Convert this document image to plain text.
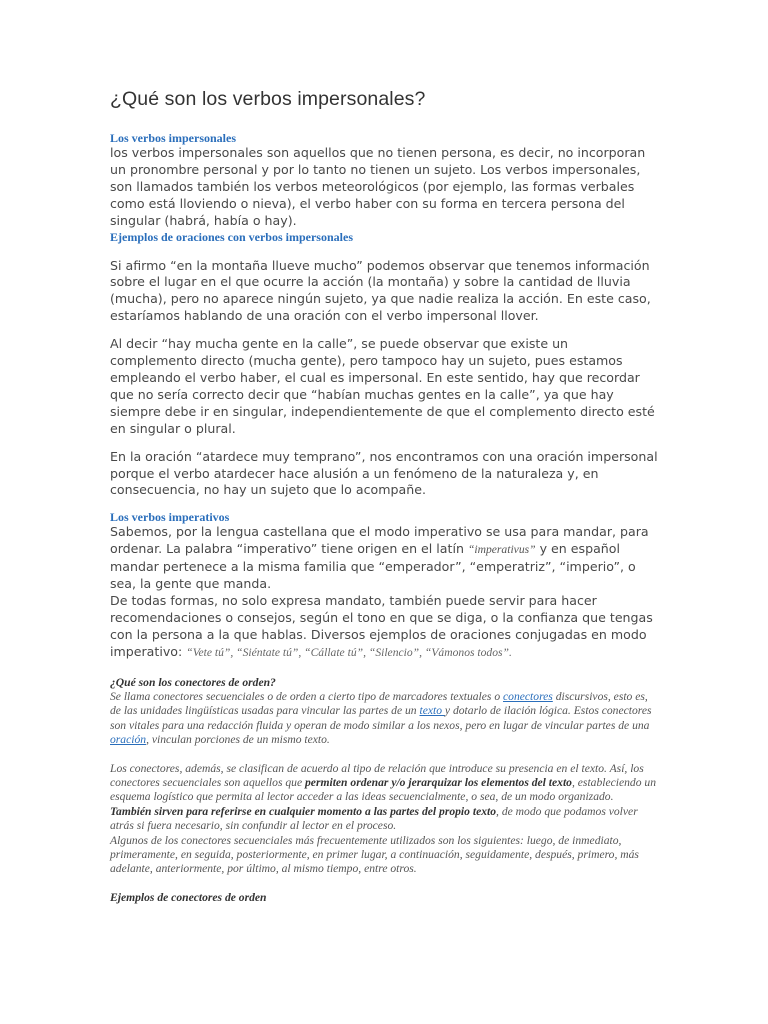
¿Qué son los verbos impersonales?

Los verbos impersonales

los verbos impersonales son aquellos que no tienen persona, es decir, no incorporan un pronombre personal y por lo tanto no tienen un sujeto. Los verbos impersonales, son llamados también los verbos meteorológicos (por ejemplo, las formas verbales como está lloviendo o nieva), el verbo haber con su forma en tercera persona del singular (habrá, había o hay).

Ejemplos de oraciones con verbos impersonales

Si afirmo “en la montaña llueve mucho” podemos observar que tenemos información sobre el lugar en el que ocurre la acción (la montaña) y sobre la cantidad de lluvia (mucha), pero no aparece ningún sujeto, ya que nadie realiza la acción. En este caso, estaríamos hablando de una oración con el verbo impersonal llover.

Al decir “hay mucha gente en la calle”, se puede observar que existe un complemento directo (mucha gente), pero tampoco hay un sujeto, pues estamos empleando el verbo haber, el cual es impersonal. En este sentido, hay que recordar que no sería correcto decir que “habían muchas gentes en la calle”, ya que hay siempre debe ir en singular, independientemente de que el complemento directo esté en singular o plural.

En la oración “atardece muy temprano”, nos encontramos con una oración impersonal porque el verbo atardecer hace alusión a un fenómeno de la naturaleza y, en consecuencia, no hay un sujeto que lo acompañe.

Los verbos imperativos

Sabemos, por la lengua castellana que el modo imperativo se usa para mandar, para ordenar. La palabra “imperativo” tiene origen en el latín “imperativus” y en español mandar pertenece a la misma familia que “emperador”, “emperatriz”, “imperio”, o sea, la gente que manda.

De todas formas, no solo expresa mandato, también puede servir para hacer recomendaciones o consejos, según el tono en que se diga, o la confianza que tengas con la persona a la que hablas. Diversos ejemplos de oraciones conjugadas en modo imperativo: “Vete tú”, “Siéntate tú”, “Cállate tú”, “Silencio”, “Vámonos todos”.

¿Qué son los conectores de orden?

Se llama conectores secuenciales o de orden a cierto tipo de marcadores textuales o conectores discursivos, esto es, de las unidades lingüísticas usadas para vincular las partes de un texto y dotarlo de ilación lógica. Estos conectores son vitales para una redacción fluida y operan de modo similar a los nexos, pero en lugar de vincular partes de una oración, vinculan porciones de un mismo texto.

Los conectores, además, se clasifican de acuerdo al tipo de relación que introduce su presencia en el texto. Así, los conectores secuenciales son aquellos que permiten ordenar y/o jerarquizar los elementos del texto, estableciendo un esquema logístico que permita al lector acceder a las ideas secuencialmente, o sea, de un modo organizado.

También sirven para referirse en cualquier momento a las partes del propio texto, de modo que podamos volver atrás si fuera necesario, sin confundir al lector en el proceso.

Algunos de los conectores secuenciales más frecuentemente utilizados son los siguientes: luego, de inmediato, primeramente, en seguida, posteriormente, en primer lugar, a continuación, seguidamente, después, primero, más adelante, anteriormente, por último, al mismo tiempo, entre otros.

Ejemplos de conectores de orden
